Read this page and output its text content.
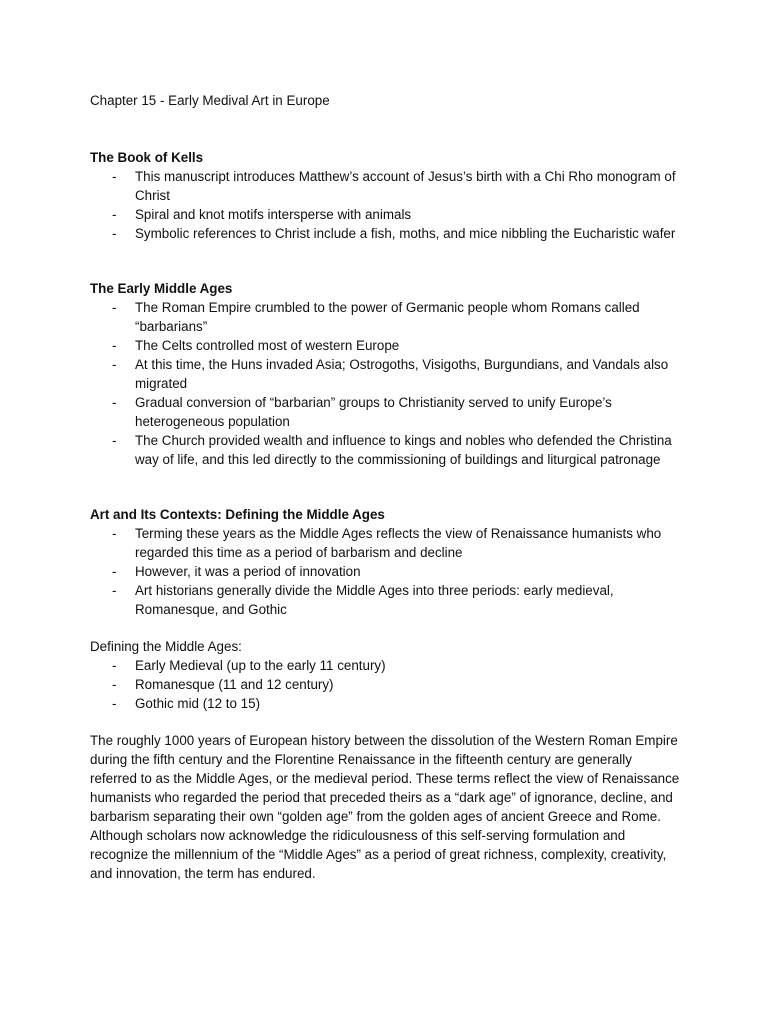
Chapter 15 - Early Medival Art in Europe
The Book of Kells
- This manuscript introduces Matthew’s account of Jesus’s birth with a Chi Rho monogram of Christ
- Spiral and knot motifs intersperse with animals
- Symbolic references to Christ include a fish, moths, and mice nibbling the Eucharistic wafer
The Early Middle Ages
- The Roman Empire crumbled to the power of Germanic people whom Romans called “barbarians”
- The Celts controlled most of western Europe
- At this time, the Huns invaded Asia; Ostrogoths, Visigoths, Burgundians, and Vandals also migrated
- Gradual conversion of “barbarian” groups to Christianity served to unify Europe’s heterogeneous population
- The Church provided wealth and influence to kings and nobles who defended the Christina way of life, and this led directly to the commissioning of buildings and liturgical patronage
Art and Its Contexts: Defining the Middle Ages
- Terming these years as the Middle Ages reflects the view of Renaissance humanists who regarded this time as a period of barbarism and decline
- However, it was a period of innovation
- Art historians generally divide the Middle Ages into three periods: early medieval, Romanesque, and Gothic
Defining the Middle Ages:
- Early Medieval (up to the early 11 century)
- Romanesque (11 and 12 century)
- Gothic mid (12 to 15)

The roughly 1000 years of European history between the dissolution of the Western Roman Empire during the fifth century and the Florentine Renaissance in the fifteenth century are generally referred to as the Middle Ages, or the medieval period. These terms reflect the view of Renaissance humanists who regarded the period that preceded theirs as a “dark age” of ignorance, decline, and barbarism separating their own “golden age” from the golden ages of ancient Greece and Rome. Although scholars now acknowledge the ridiculousness of this self-serving formulation and recognize the millennium of the “Middle Ages” as a period of great richness, complexity, creativity, and innovation, the term has endured.
